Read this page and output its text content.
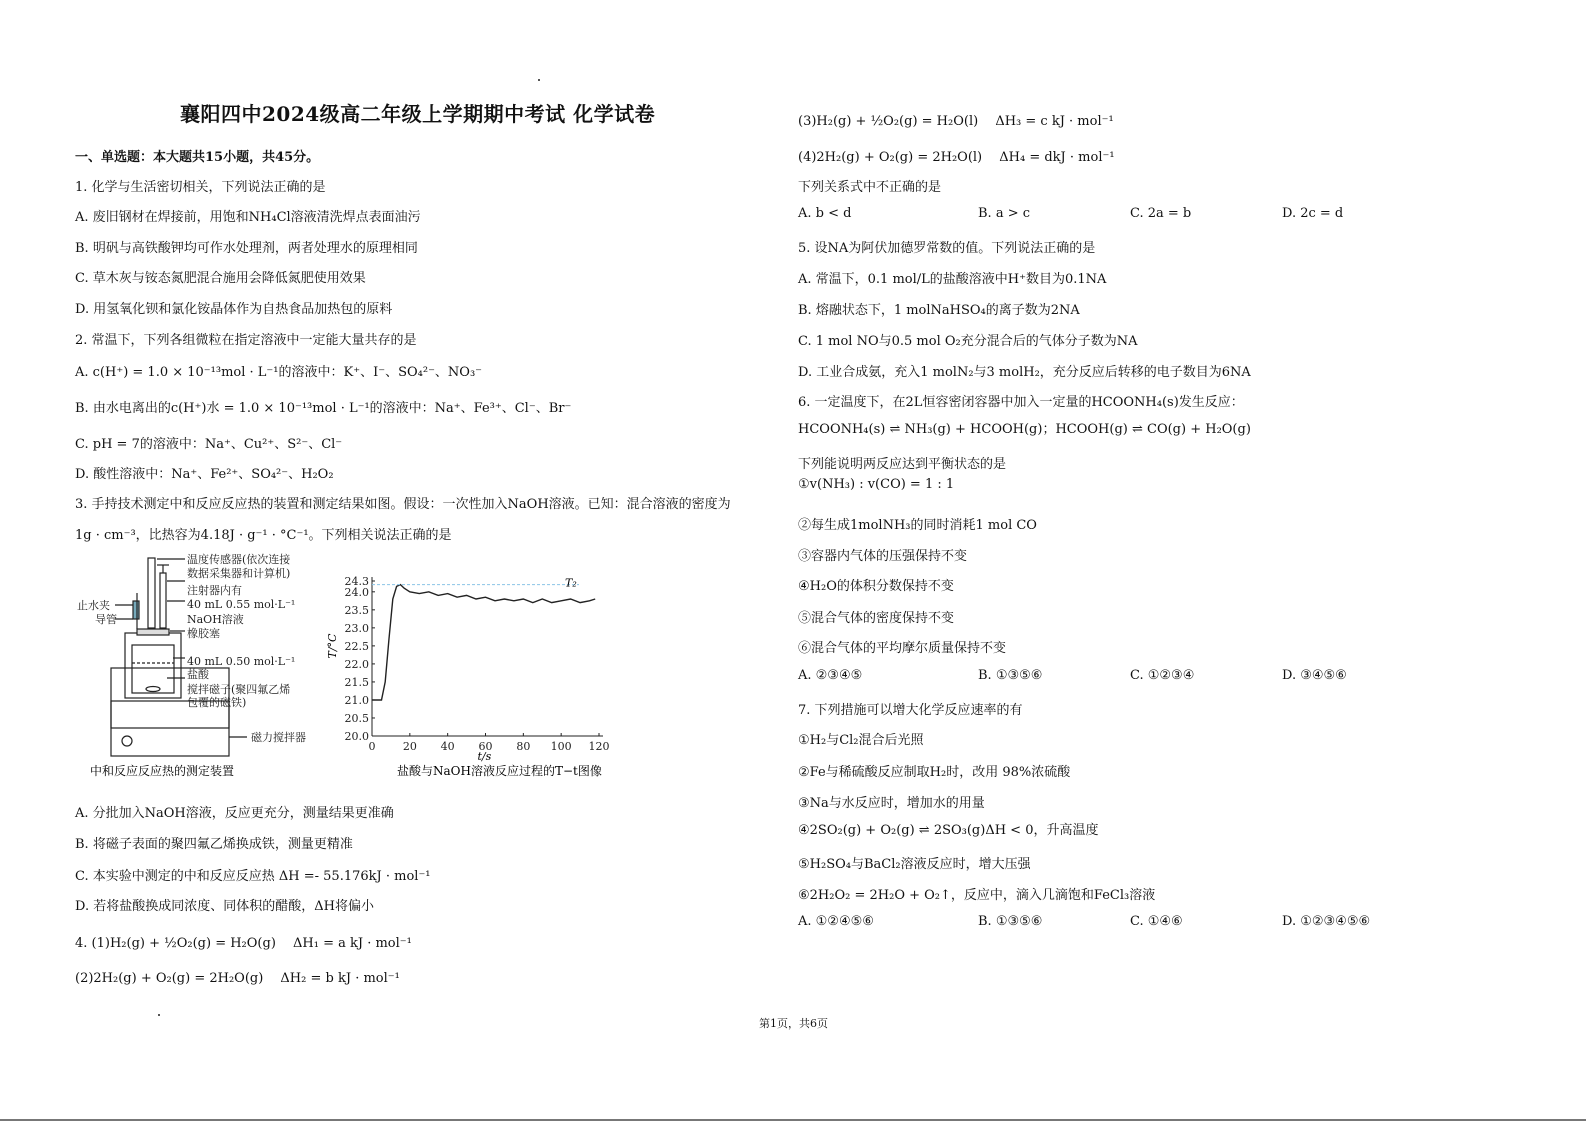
襄阳四中2024级高二年级上学期期中考试 化学试卷
一、单选题：本大题共15小题，共45分。
1. 化学与生活密切相关，下列说法正确的是
A. 废旧钢材在焊接前，用饱和NH₄Cl溶液清洗焊点表面油污
B. 明矾与高铁酸钾均可作水处理剂，两者处理水的原理相同
C. 草木灰与铵态氮肥混合施用会降低氮肥使用效果
D. 用氢氧化钡和氯化铵晶体作为自热食品加热包的原料
2. 常温下，下列各组微粒在指定溶液中一定能大量共存的是
A. c(H⁺) = 1.0 × 10⁻¹³mol · L⁻¹的溶液中：K⁺、I⁻、SO₄²⁻、NO₃⁻
B. 由水电离出的c(H⁺)水 = 1.0 × 10⁻¹³mol · L⁻¹的溶液中：Na⁺、Fe³⁺、Cl⁻、Br⁻
C. pH = 7的溶液中：Na⁺、Cu²⁺、S²⁻、Cl⁻
D. 酸性溶液中：Na⁺、Fe²⁺、SO₄²⁻、H₂O₂
3. 手持技术测定中和反应反应热的装置和测定结果如图。假设：一次性加入NaOH溶液。已知：混合溶液的密度为
1g · cm⁻³，比热容为4.18J · g⁻¹ · °C⁻¹。下列相关说法正确的是
温度传感器(依次连接
数据采集器和计算机)
注射器内有
40 mL 0.55 mol·L⁻¹
NaOH溶液
止水夹
导管
橡胶塞
40 mL 0.50 mol·L⁻¹
盐酸
搅拌磁子(聚四氟乙烯
包覆的磁铁)
磁力搅拌器
中和反应反应热的测定装置
20.0
20.5
21.0
21.5
22.0
22.5
23.0
23.5
24.0
24.3
0 20 40 60 80 100 120
T₂
t/s
T/°C
盐酸与NaOH溶液反应过程的T−t图像
A. 分批加入NaOH溶液，反应更充分，测量结果更准确
B. 将磁子表面的聚四氟乙烯换成铁，测量更精准
C. 本实验中测定的中和反应反应热 ΔH =- 55.176kJ · mol⁻¹
D. 若将盐酸换成同浓度、同体积的醋酸，ΔH将偏小
4. (1)H₂(g) + ½O₂(g) = H₂O(g)　 ΔH₁ = a kJ · mol⁻¹
(2)2H₂(g) + O₂(g) = 2H₂O(g)　 ΔH₂ = b kJ · mol⁻¹
(3)H₂(g) + ½O₂(g) = H₂O(l)　 ΔH₃ = c kJ · mol⁻¹
(4)2H₂(g) + O₂(g) = 2H₂O(l)　 ΔH₄ = dkJ · mol⁻¹
下列关系式中不正确的是
A. b < d	B. a > c	C. 2a = b	D. 2c = d
5. 设NA为阿伏加德罗常数的值。下列说法正确的是
A. 常温下，0.1 mol/L的盐酸溶液中H⁺数目为0.1NA
B. 熔融状态下，1 molNaHSO₄的离子数为2NA
C. 1 mol NO与0.5 mol O₂充分混合后的气体分子数为NA
D. 工业合成氨，充入1 molN₂与3 molH₂，充分反应后转移的电子数目为6NA
6. 一定温度下，在2L恒容密闭容器中加入一定量的HCOONH₄(s)发生反应：
HCOONH₄(s) ⇌ NH₃(g) + HCOOH(g)；HCOOH(g) ⇌ CO(g) + H₂O(g)
下列能说明两反应达到平衡状态的是
①v(NH₃) : v(CO) = 1 : 1
②每生成1molNH₃的同时消耗1 mol CO
③容器内气体的压强保持不变
④H₂O的体积分数保持不变
⑤混合气体的密度保持不变
⑥混合气体的平均摩尔质量保持不变
A. ②③④⑤	B. ①③⑤⑥	C. ①②③④	D. ③④⑤⑥
7. 下列措施可以增大化学反应速率的有
①H₂与Cl₂混合后光照
②Fe与稀硫酸反应制取H₂时，改用 98%浓硫酸
③Na与水反应时，增加水的用量
④2SO₂(g) + O₂(g) ⇌ 2SO₃(g)ΔH < 0，升高温度
⑤H₂SO₄与BaCl₂溶液反应时，增大压强
⑥2H₂O₂ = 2H₂O + O₂↑，反应中，滴入几滴饱和FeCl₃溶液
A. ①②④⑤⑥	B. ①③⑤⑥	C. ①④⑥	D. ①②③④⑤⑥
第1页，共6页
